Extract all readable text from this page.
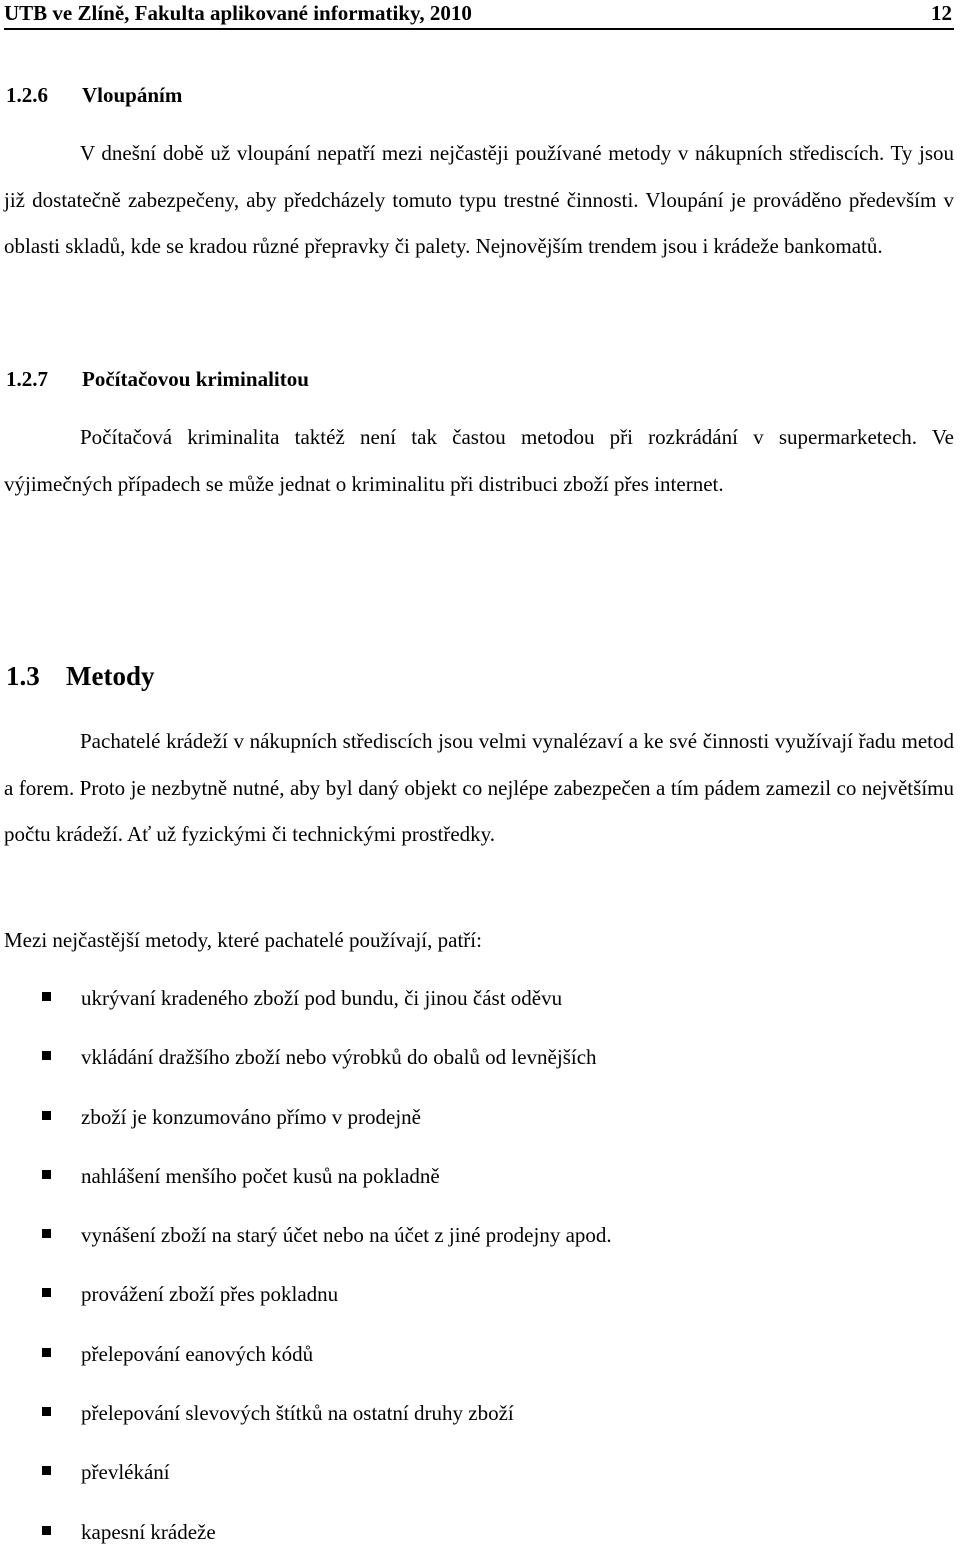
UTB ve Zlíně, Fakulta aplikované informatiky, 2010	12
1.2.6 Vloupáním

V dnešní době už vloupání nepatří mezi nejčastěji používané metody v nákupních střediscích. Ty jsou již dostatečně zabezpečeny, aby předcházely tomuto typu trestné činnosti. Vloupání je prováděno především v oblasti skladů, kde se kradou různé přepravky či palety. Nejnovějším trendem jsou i krádeže bankomatů.

1.2.7 Počítačovou kriminalitou

Počítačová kriminalita taktéž není tak častou metodou při rozkrádání v supermarketech. Ve výjimečných případech se může jednat o kriminalitu při distribuci zboží přes internet.

1.3 Metody

Pachatelé krádeží v nákupních střediscích jsou velmi vynalézaví a ke své činnosti využívají řadu metod a forem. Proto je nezbytně nutné, aby byl daný objekt co nejlépe zabezpečen a tím pádem zamezil co největšímu počtu krádeží. Ať už fyzickými či technickými prostředky.

Mezi nejčastější metody, které pachatelé používají, patří:

ukrývaní kradeného zboží pod bundu, či jinou část oděvu
vkládání dražšího zboží nebo výrobků do obalů od levnějších
zboží je konzumováno přímo v prodejně
nahlášení menšího počet kusů na pokladně
vynášení zboží na starý účet nebo na účet z jiné prodejny apod.
provážení zboží přes pokladnu
přelepování eanových kódů
přelepování slevových štítků na ostatní druhy zboží
převlékání
kapesní krádeže
